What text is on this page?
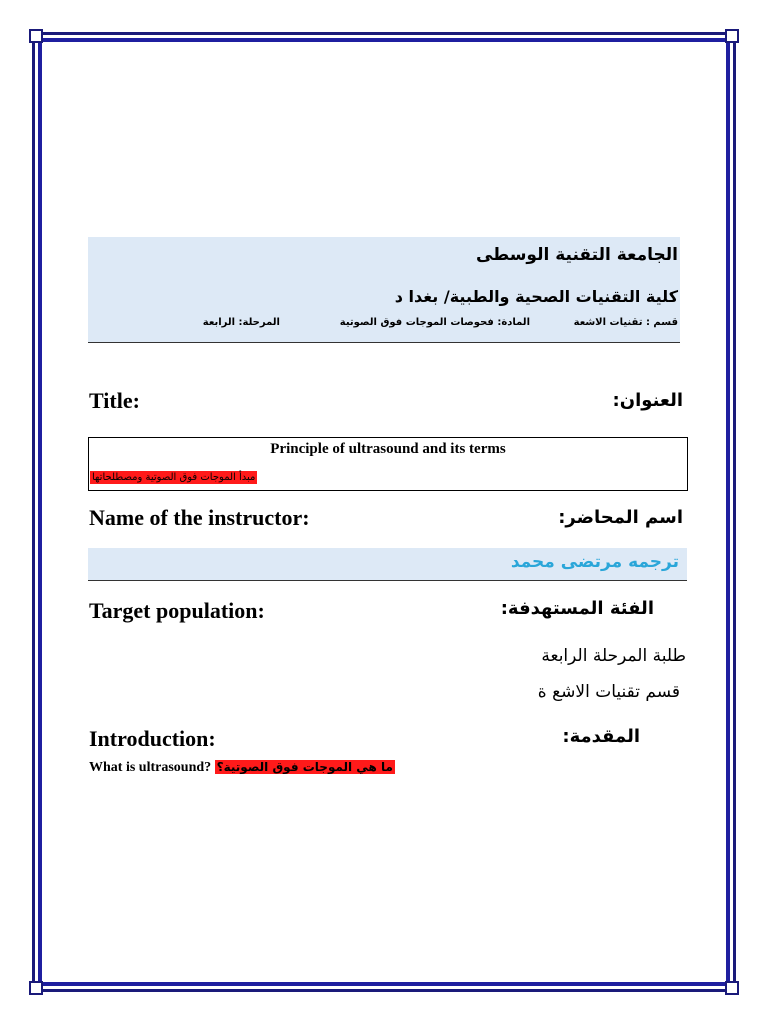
الجامعة التقنية الوسطى
كلية التقنيات الصحية والطبية/ بغدا د
قسم : تقنيات الاشعة
المادة: فحوصات الموجات فوق الصوتية
المرحلة: الرابعة
Title:	العنوان:
Principle of ultrasound and its terms
مبدأ الموجات فوق الصوتية ومصطلحاتها
Name of the instructor:	اسم المحاضر:
ترجمه مرتضى محمد
Target population:	الفئة المستهدفة:
طلبة المرحلة الرابعة
قسم تقنيات الاشع ة
Introduction:	المقدمة:
What is ultrasound? ما هي الموجات فوق الصوتية؟
